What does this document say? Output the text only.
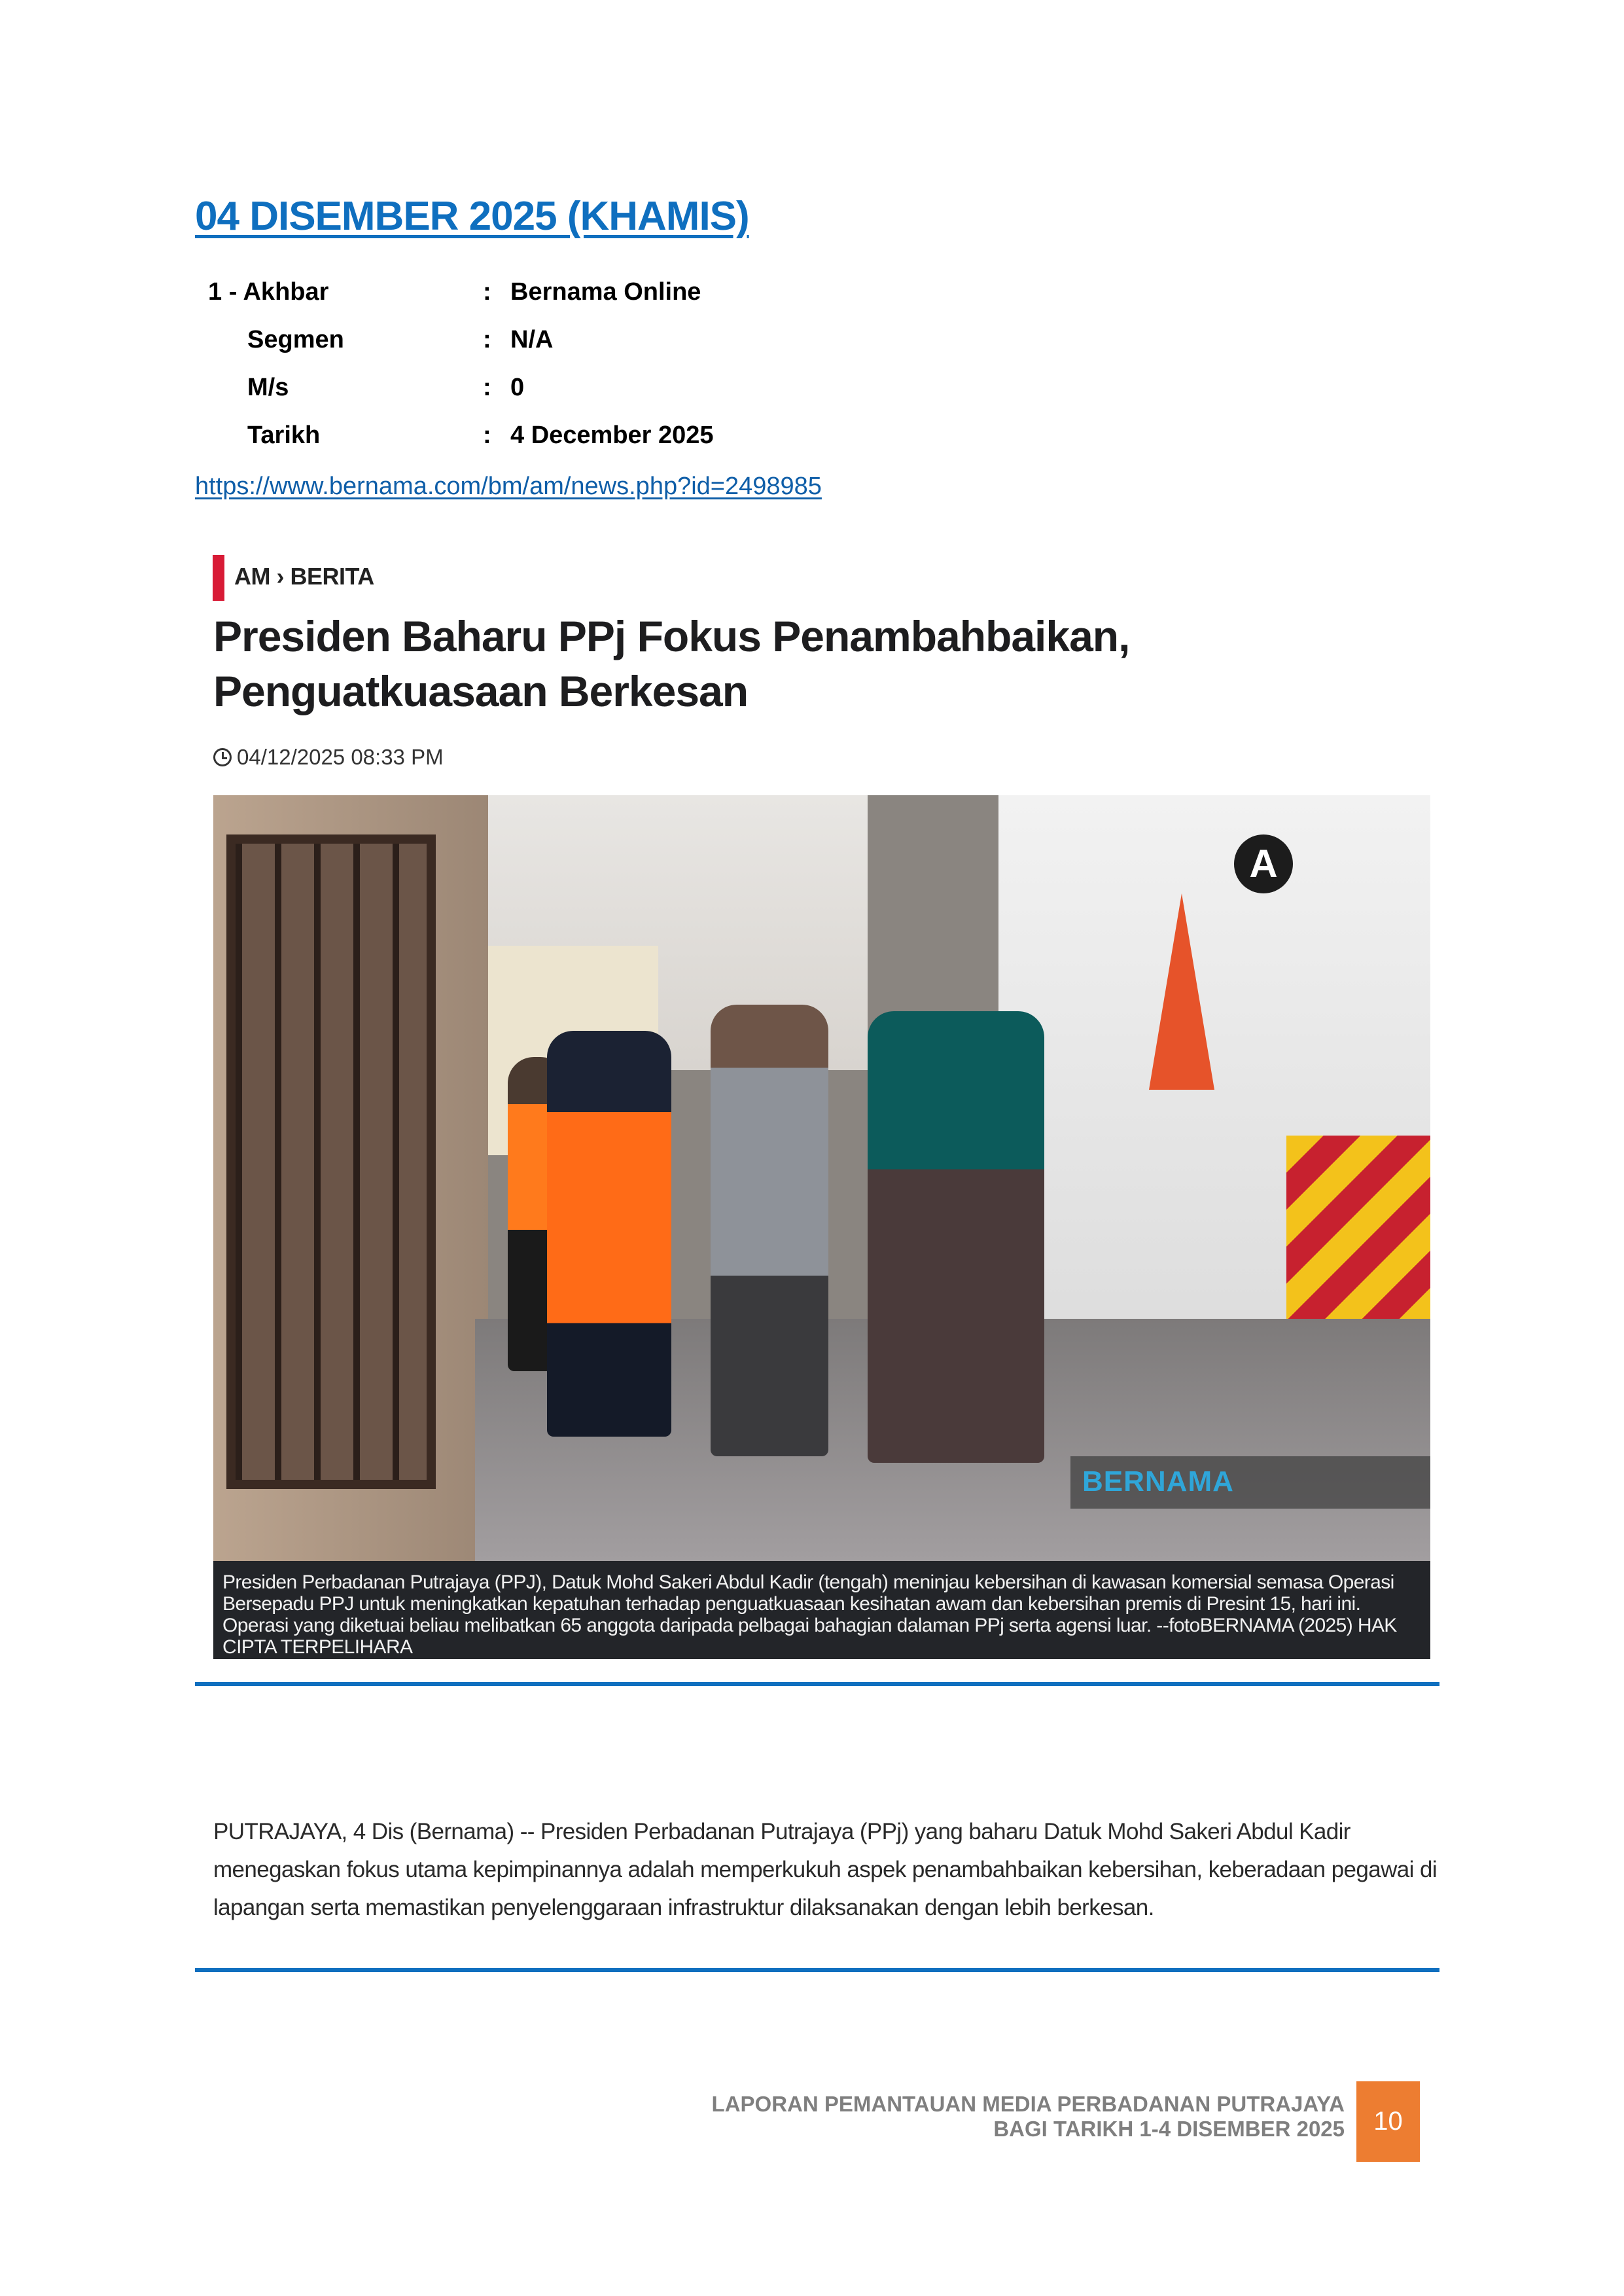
04 DISEMBER 2025 (KHAMIS)
1 - Akhbar	: Bernama Online
Segmen	: N/A
M/s	: 0
Tarikh	: 4 December 2025
https://www.bernama.com/bm/am/news.php?id=2498985
AM › BERITA
Presiden Baharu PPj Fokus Penambahbaikan, Penguatkuasaan Berkesan
04/12/2025 08:33 PM
A
BERNAMA
Presiden Perbadanan Putrajaya (PPJ), Datuk Mohd Sakeri Abdul Kadir (tengah) meninjau kebersihan di kawasan komersial semasa Operasi Bersepadu PPJ untuk meningkatkan kepatuhan terhadap penguatkuasaan kesihatan awam dan kebersihan premis di Presint 15, hari ini. Operasi yang diketuai beliau melibatkan 65 anggota daripada pelbagai bahagian dalaman PPj serta agensi luar. --fotoBERNAMA (2025) HAK CIPTA TERPELIHARA
PUTRAJAYA, 4 Dis (Bernama) -- Presiden Perbadanan Putrajaya (PPj) yang baharu Datuk Mohd Sakeri Abdul Kadir menegaskan fokus utama kepimpinannya adalah memperkukuh aspek penambahbaikan kebersihan, keberadaan pegawai di lapangan serta memastikan penyelenggaraan infrastruktur dilaksanakan dengan lebih berkesan.
LAPORAN PEMANTAUAN MEDIA PERBADANAN PUTRAJAYA
BAGI TARIKH 1-4 DISEMBER 2025	10
